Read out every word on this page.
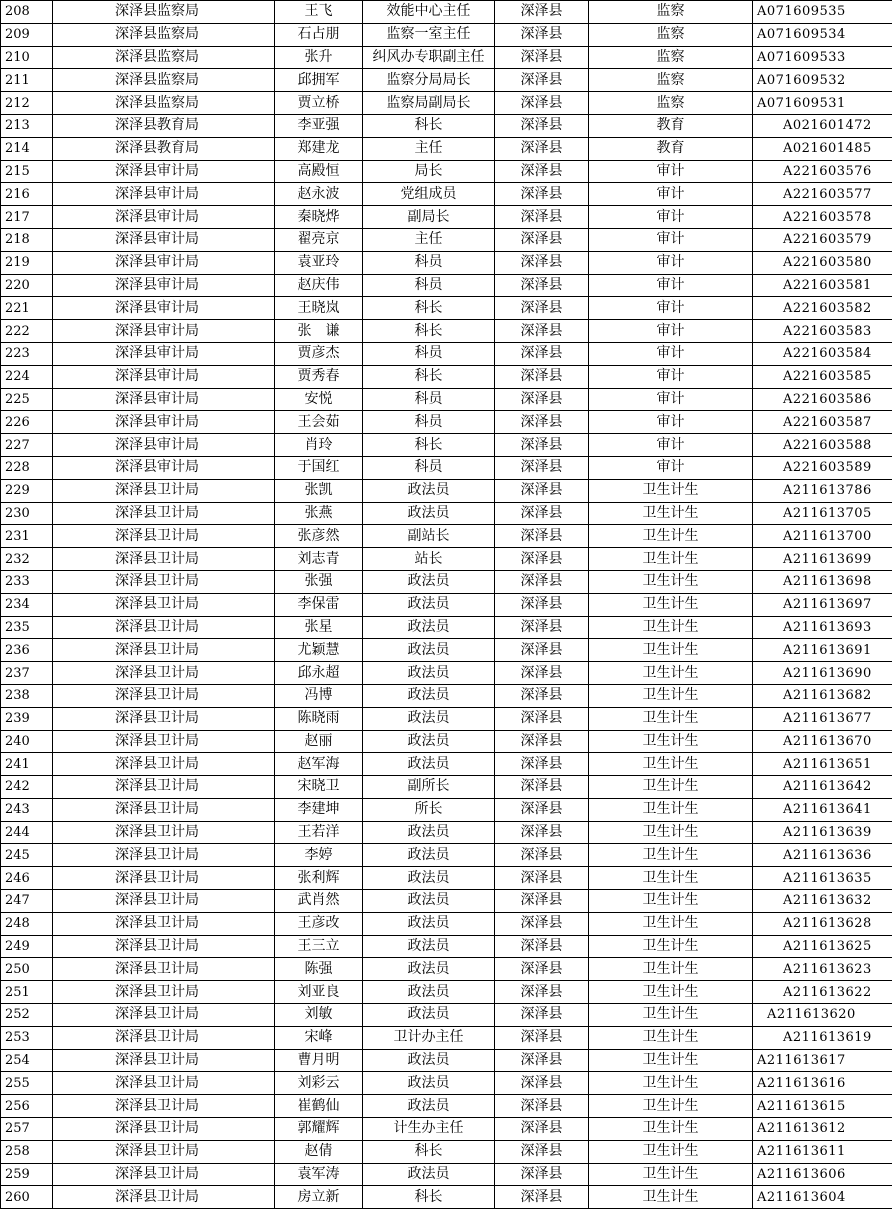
208	深泽县监察局	王飞	效能中心主任	深泽县	监察	A071609535
209	深泽县监察局	石占朋	监察一室主任	深泽县	监察	A071609534
210	深泽县监察局	张升	纠风办专职副主任	深泽县	监察	A071609533
211	深泽县监察局	邱拥军	监察分局局长	深泽县	监察	A071609532
212	深泽县监察局	贾立桥	监察局副局长	深泽县	监察	A071609531
213	深泽县教育局	李亚强	科长	深泽县	教育	A021601472
214	深泽县教育局	郑建龙	主任	深泽县	教育	A021601485
215	深泽县审计局	高殿恒	局长	深泽县	审计	A221603576
216	深泽县审计局	赵永波	党组成员	深泽县	审计	A221603577
217	深泽县审计局	秦晓烨	副局长	深泽县	审计	A221603578
218	深泽县审计局	翟亮京	主任	深泽县	审计	A221603579
219	深泽县审计局	袁亚玲	科员	深泽县	审计	A221603580
220	深泽县审计局	赵庆伟	科员	深泽县	审计	A221603581
221	深泽县审计局	王晓岚	科长	深泽县	审计	A221603582
222	深泽县审计局	张　谦	科长	深泽县	审计	A221603583
223	深泽县审计局	贾彦杰	科员	深泽县	审计	A221603584
224	深泽县审计局	贾秀春	科长	深泽县	审计	A221603585
225	深泽县审计局	安悦	科员	深泽县	审计	A221603586
226	深泽县审计局	王会茹	科员	深泽县	审计	A221603587
227	深泽县审计局	肖玲	科长	深泽县	审计	A221603588
228	深泽县审计局	于国红	科员	深泽县	审计	A221603589
229	深泽县卫计局	张凯	政法员	深泽县	卫生计生	A211613786
230	深泽县卫计局	张燕	政法员	深泽县	卫生计生	A211613705
231	深泽县卫计局	张彦然	副站长	深泽县	卫生计生	A211613700
232	深泽县卫计局	刘志青	站长	深泽县	卫生计生	A211613699
233	深泽县卫计局	张强	政法员	深泽县	卫生计生	A211613698
234	深泽县卫计局	李保雷	政法员	深泽县	卫生计生	A211613697
235	深泽县卫计局	张星	政法员	深泽县	卫生计生	A211613693
236	深泽县卫计局	尤颖慧	政法员	深泽县	卫生计生	A211613691
237	深泽县卫计局	邱永超	政法员	深泽县	卫生计生	A211613690
238	深泽县卫计局	冯博	政法员	深泽县	卫生计生	A211613682
239	深泽县卫计局	陈晓雨	政法员	深泽县	卫生计生	A211613677
240	深泽县卫计局	赵丽	政法员	深泽县	卫生计生	A211613670
241	深泽县卫计局	赵军海	政法员	深泽县	卫生计生	A211613651
242	深泽县卫计局	宋晓卫	副所长	深泽县	卫生计生	A211613642
243	深泽县卫计局	李建坤	所长	深泽县	卫生计生	A211613641
244	深泽县卫计局	王若洋	政法员	深泽县	卫生计生	A211613639
245	深泽县卫计局	李婷	政法员	深泽县	卫生计生	A211613636
246	深泽县卫计局	张利辉	政法员	深泽县	卫生计生	A211613635
247	深泽县卫计局	武肖然	政法员	深泽县	卫生计生	A211613632
248	深泽县卫计局	王彦改	政法员	深泽县	卫生计生	A211613628
249	深泽县卫计局	王三立	政法员	深泽县	卫生计生	A211613625
250	深泽县卫计局	陈强	政法员	深泽县	卫生计生	A211613623
251	深泽县卫计局	刘亚良	政法员	深泽县	卫生计生	A211613622
252	深泽县卫计局	刘敏	政法员	深泽县	卫生计生	A211613620
253	深泽县卫计局	宋峰	卫计办主任	深泽县	卫生计生	A211613619
254	深泽县卫计局	曹月明	政法员	深泽县	卫生计生	A211613617
255	深泽县卫计局	刘彩云	政法员	深泽县	卫生计生	A211613616
256	深泽县卫计局	崔鹤仙	政法员	深泽县	卫生计生	A211613615
257	深泽县卫计局	郭耀辉	计生办主任	深泽县	卫生计生	A211613612
258	深泽县卫计局	赵倩	科长	深泽县	卫生计生	A211613611
259	深泽县卫计局	袁军涛	政法员	深泽县	卫生计生	A211613606
260	深泽县卫计局	房立新	科长	深泽县	卫生计生	A211613604
